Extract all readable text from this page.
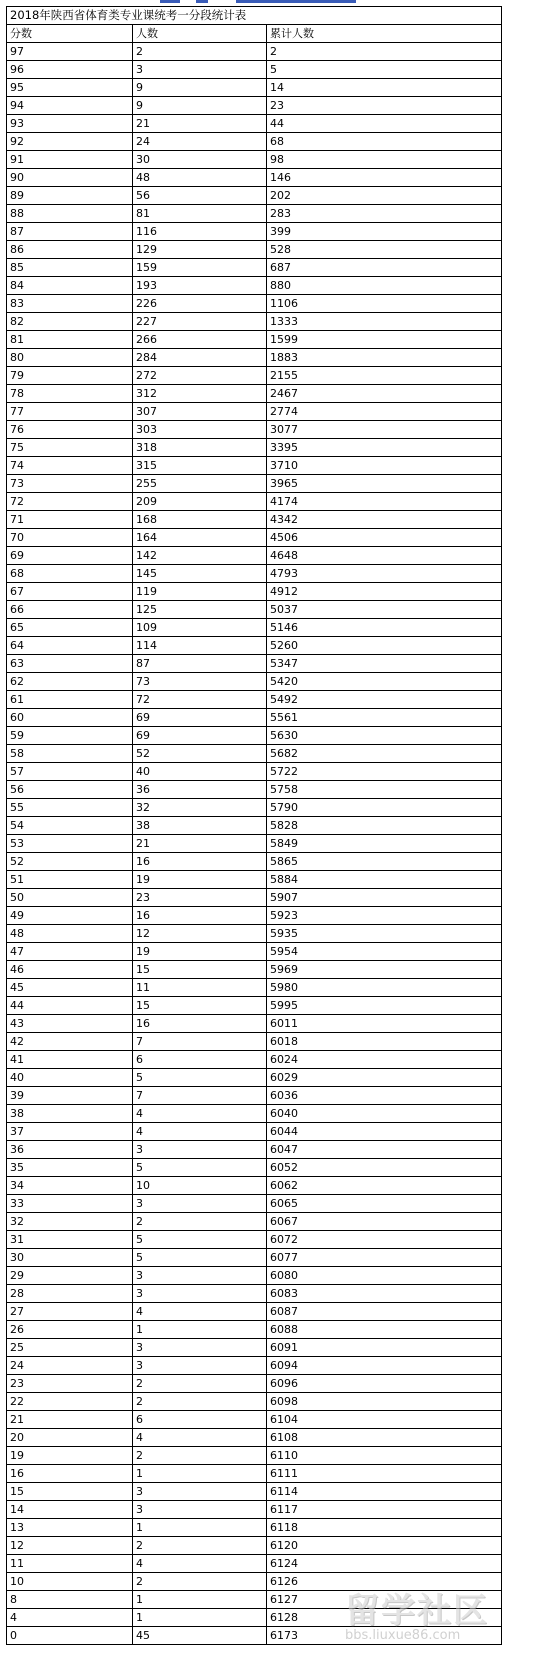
2018年陕西省体育类专业课统考一分段统计表		
分数	人数	累计人数
97	2	2
96	3	5
95	9	14
94	9	23
93	21	44
92	24	68
91	30	98
90	48	146
89	56	202
88	81	283
87	116	399
86	129	528
85	159	687
84	193	880
83	226	1106
82	227	1333
81	266	1599
80	284	1883
79	272	2155
78	312	2467
77	307	2774
76	303	3077
75	318	3395
74	315	3710
73	255	3965
72	209	4174
71	168	4342
70	164	4506
69	142	4648
68	145	4793
67	119	4912
66	125	5037
65	109	5146
64	114	5260
63	87	5347
62	73	5420
61	72	5492
60	69	5561
59	69	5630
58	52	5682
57	40	5722
56	36	5758
55	32	5790
54	38	5828
53	21	5849
52	16	5865
51	19	5884
50	23	5907
49	16	5923
48	12	5935
47	19	5954
46	15	5969
45	11	5980
44	15	5995
43	16	6011
42	7	6018
41	6	6024
40	5	6029
39	7	6036
38	4	6040
37	4	6044
36	3	6047
35	5	6052
34	10	6062
33	3	6065
32	2	6067
31	5	6072
30	5	6077
29	3	6080
28	3	6083
27	4	6087
26	1	6088
25	3	6091
24	3	6094
23	2	6096
22	2	6098
21	6	6104
20	4	6108
19	2	6110
16	1	6111
15	3	6114
14	3	6117
13	1	6118
12	2	6120
11	4	6124
10	2	6126
8	1	6127
4	1	6128
0	45	6173
留学社区
bbs.liuxue86.com
